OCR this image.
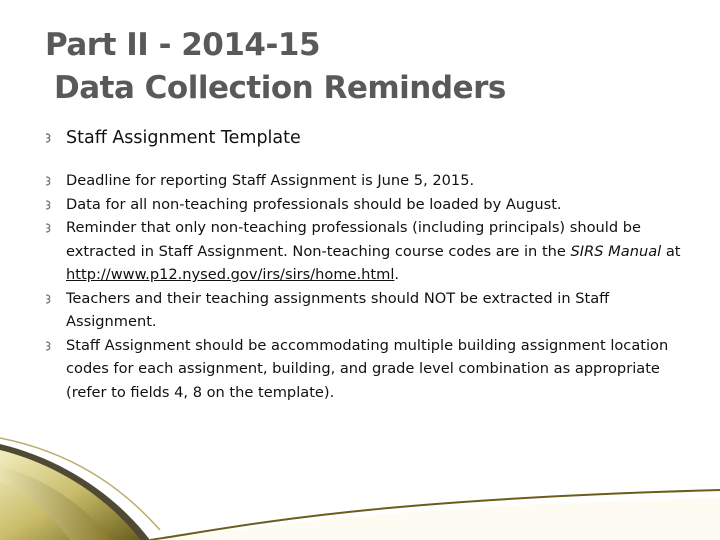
Part II - 2014-15
Data Collection Reminders
Staff Assignment Template
Deadline for reporting Staff Assignment is June 5, 2015.
Data for all non-teaching professionals should be loaded by August.
Reminder that only non-teaching professionals (including principals) should be extracted in Staff Assignment. Non-teaching course codes are in the SIRS Manual at http://www.p12.nysed.gov/irs/sirs/home.html.
Teachers and their teaching assignments should NOT be extracted in Staff Assignment.
Staff Assignment should be accommodating multiple building assignment location codes for each assignment, building, and grade level combination as appropriate (refer to fields 4, 8 on the template).
